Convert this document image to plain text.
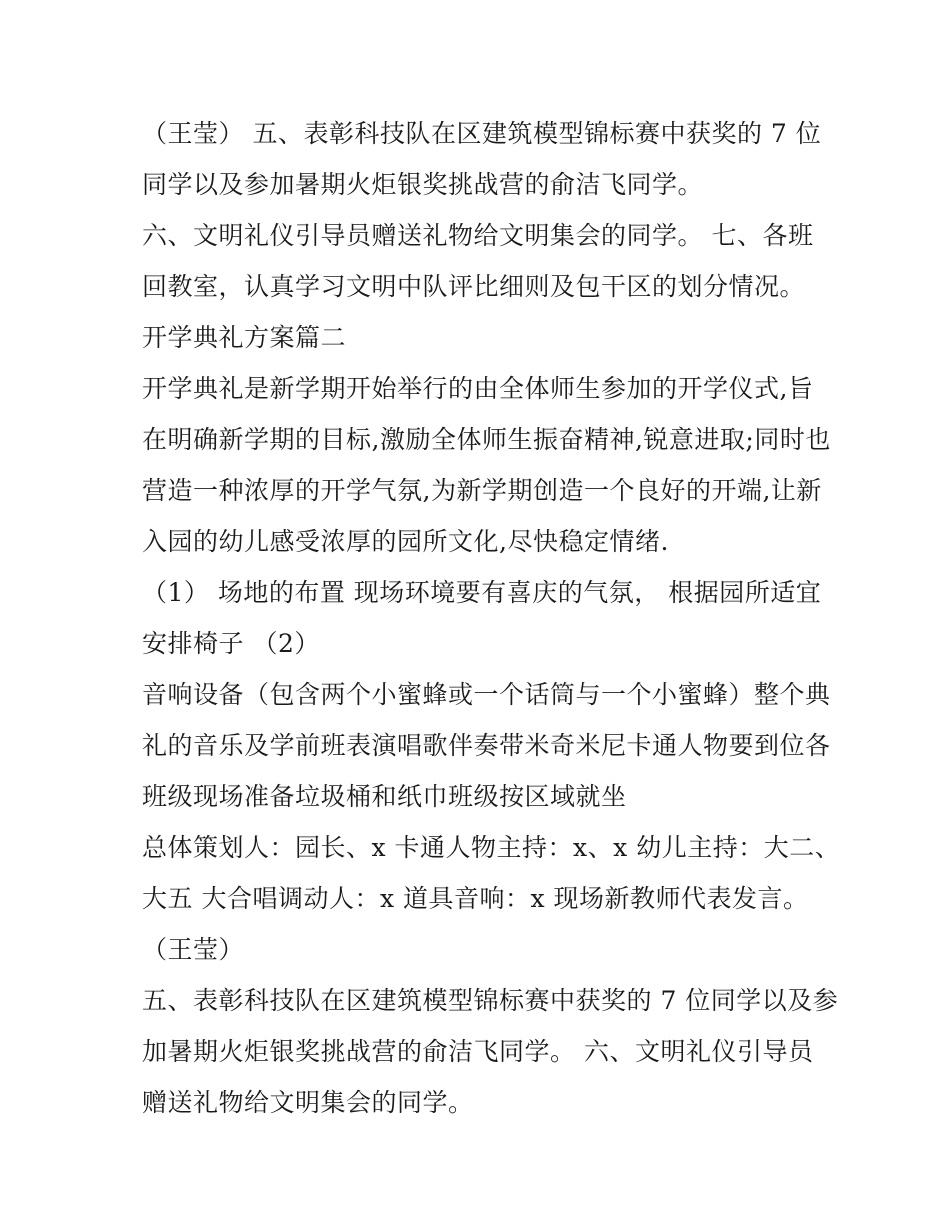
（王莹） 五、表彰科技队在区建筑模型锦标赛中获奖的 7 位
同学以及参加暑期火炬银奖挑战营的俞洁飞同学。
六、文明礼仪引导员赠送礼物给文明集会的同学。 七、各班
回教室，认真学习文明中队评比细则及包干区的划分情况。
开学典礼方案篇二
开学典礼是新学期开始举行的由全体师生参加的开学仪式,旨
在明确新学期的目标,激励全体师生振奋精神,锐意进取;同时也
营造一种浓厚的开学气氛,为新学期创造一个良好的开端,让新
入园的幼儿感受浓厚的园所文化,尽快稳定情绪.
（1） 场地的布置 现场环境要有喜庆的气氛， 根据园所适宜
安排椅子 （2）
音响设备（包含两个小蜜蜂或一个话筒与一个小蜜蜂）整个典
礼的音乐及学前班表演唱歌伴奏带米奇米尼卡通人物要到位各
班级现场准备垃圾桶和纸巾班级按区域就坐
总体策划人：园长、x 卡通人物主持：x、x 幼儿主持：大二、
大五 大合唱调动人：x 道具音响：x 现场新教师代表发言。
（王莹）
五、表彰科技队在区建筑模型锦标赛中获奖的 7 位同学以及参
加暑期火炬银奖挑战营的俞洁飞同学。 六、文明礼仪引导员
赠送礼物给文明集会的同学。
